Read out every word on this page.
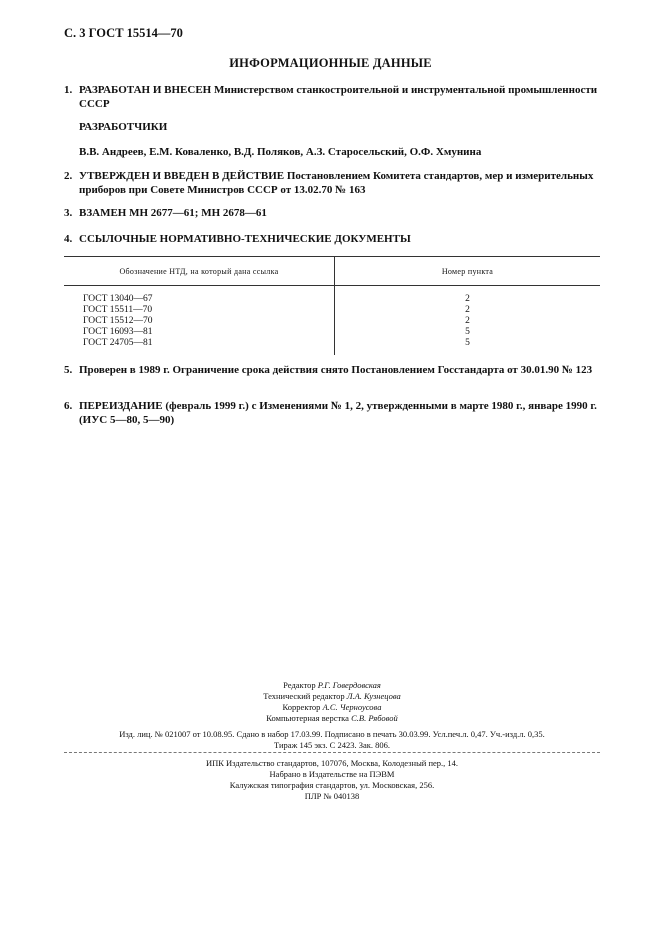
С. 3 ГОСТ 15514—70
ИНФОРМАЦИОННЫЕ ДАННЫЕ
1. РАЗРАБОТАН И ВНЕСЕН Министерством станкостроительной и инструментальной промышленности СССР
РАЗРАБОТЧИКИ
В.В. Андреев, Е.М. Коваленко, В.Д. Поляков, А.З. Старосельский, О.Ф. Хмунина
2. УТВЕРЖДЕН И ВВЕДЕН В ДЕЙСТВИЕ Постановлением Комитета стандартов, мер и измерительных приборов при Совете Министров СССР от 13.02.70 № 163
3. ВЗАМЕН МН 2677—61; МН 2678—61
4. ССЫЛОЧНЫЕ НОРМАТИВНО-ТЕХНИЧЕСКИЕ ДОКУМЕНТЫ
Обозначение НТД, на который дана ссылка	Номер пункта
ГОСТ 13040—67	2
ГОСТ 15511—70	2
ГОСТ 15512—70	2
ГОСТ 16093—81	5
ГОСТ 24705—81	5
5. Проверен в 1989 г. Ограничение срока действия снято Постановлением Госстандарта от 30.01.90 № 123
6. ПЕРЕИЗДАНИЕ (февраль 1999 г.) с Изменениями № 1, 2, утвержденными в марте 1980 г., январе 1990 г. (ИУС 5—80, 5—90)
Редактор Р.Г. Говердовская
Технический редактор Л.А. Кузнецова
Корректор А.С. Черноусова
Компьютерная верстка С.В. Рябовой
Изд. лиц. № 021007 от 10.08.95. Сдано в набор 17.03.99. Подписано в печать 30.03.99. Усл.печ.л. 0,47. Уч.-изд.л. 0,35.
Тираж 145 экз. С 2423. Зак. 806.
ИПК Издательство стандартов, 107076, Москва, Колодезный пер., 14.
Набрано в Издательстве на ПЭВМ
Калужская типография стандартов, ул. Московская, 256.
ПЛР № 040138
